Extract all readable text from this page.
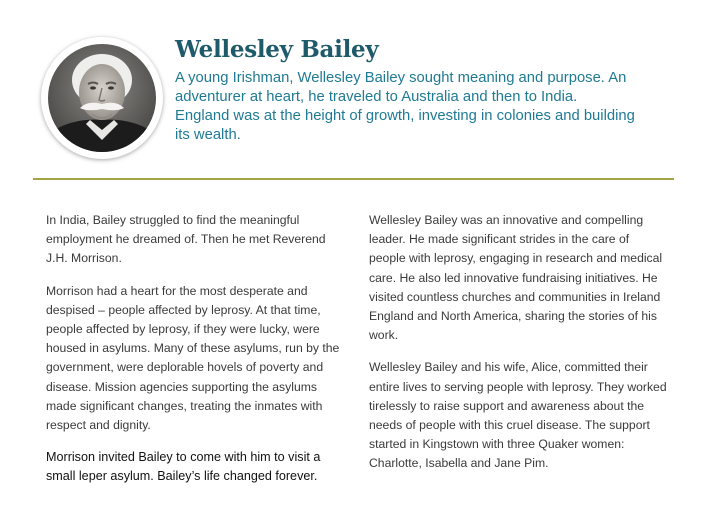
Wellesley Bailey

A young Irishman, Wellesley Bailey sought meaning and purpose. An adventurer at heart, he traveled to Australia and then to India. England was at the height of growth, investing in colonies and building its wealth.

In India, Bailey struggled to find the meaningful employment he dreamed of. Then he met Reverend J.H. Morrison.

Morrison had a heart for the most desperate and despised – people affected by leprosy. At that time, people affected by leprosy, if they were lucky, were housed in asylums. Many of these asylums, run by the government, were deplorable hovels of poverty and disease. Mission agencies supporting the asylums made significant changes, treating the inmates with respect and dignity.

Morrison invited Bailey to come with him to visit a small leper asylum. Bailey’s life changed forever.

Wellesley Bailey was an innovative and compelling leader. He made significant strides in the care of people with leprosy, engaging in research and medical care. He also led innovative fundraising initiatives. He visited countless churches and communities in Ireland England and North America, sharing the stories of his work.

Wellesley Bailey and his wife, Alice, committed their entire lives to serving people with leprosy. They worked tirelessly to raise support and awareness about the needs of people with this cruel disease. The support started in Kingstown with three Quaker women: Charlotte, Isabella and Jane Pim.
